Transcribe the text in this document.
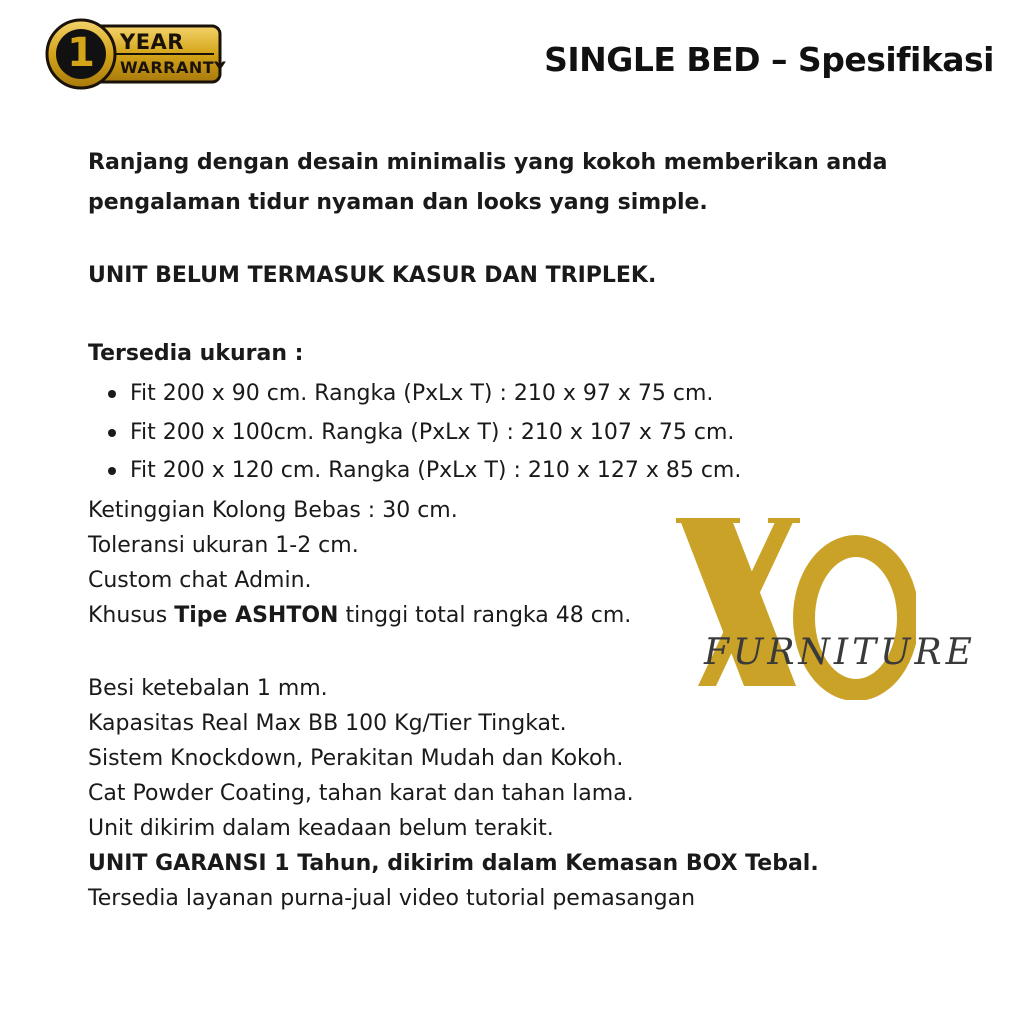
1 YEAR
WARRANTY	SINGLE BED – Spesifikasi
FURNITURE

Ranjang dengan desain minimalis yang kokoh memberikan anda pengalaman tidur nyaman dan looks yang simple.

UNIT BELUM TERMASUK KASUR DAN TRIPLEK.

Tersedia ukuran :

Fit 200 x 90 cm. Rangka (PxLx T) : 210 x 97 x 75 cm.
Fit 200 x 100cm. Rangka (PxLx T) : 210 x 107 x 75 cm.
Fit 200 x 120 cm. Rangka (PxLx T) : 210 x 127 x 85 cm.
Ketinggian Kolong Bebas : 30 cm.
Toleransi ukuran 1-2 cm.
Custom chat Admin.
Khusus Tipe ASHTON tinggi total rangka 48 cm.
Besi ketebalan 1 mm.
Kapasitas Real Max BB 100 Kg/Tier Tingkat.
Sistem Knockdown, Perakitan Mudah dan Kokoh.
Cat Powder Coating, tahan karat dan tahan lama.
Unit dikirim dalam keadaan belum terakit.
UNIT GARANSI 1 Tahun, dikirim dalam Kemasan BOX Tebal.
Tersedia layanan purna-jual video tutorial pemasangan
